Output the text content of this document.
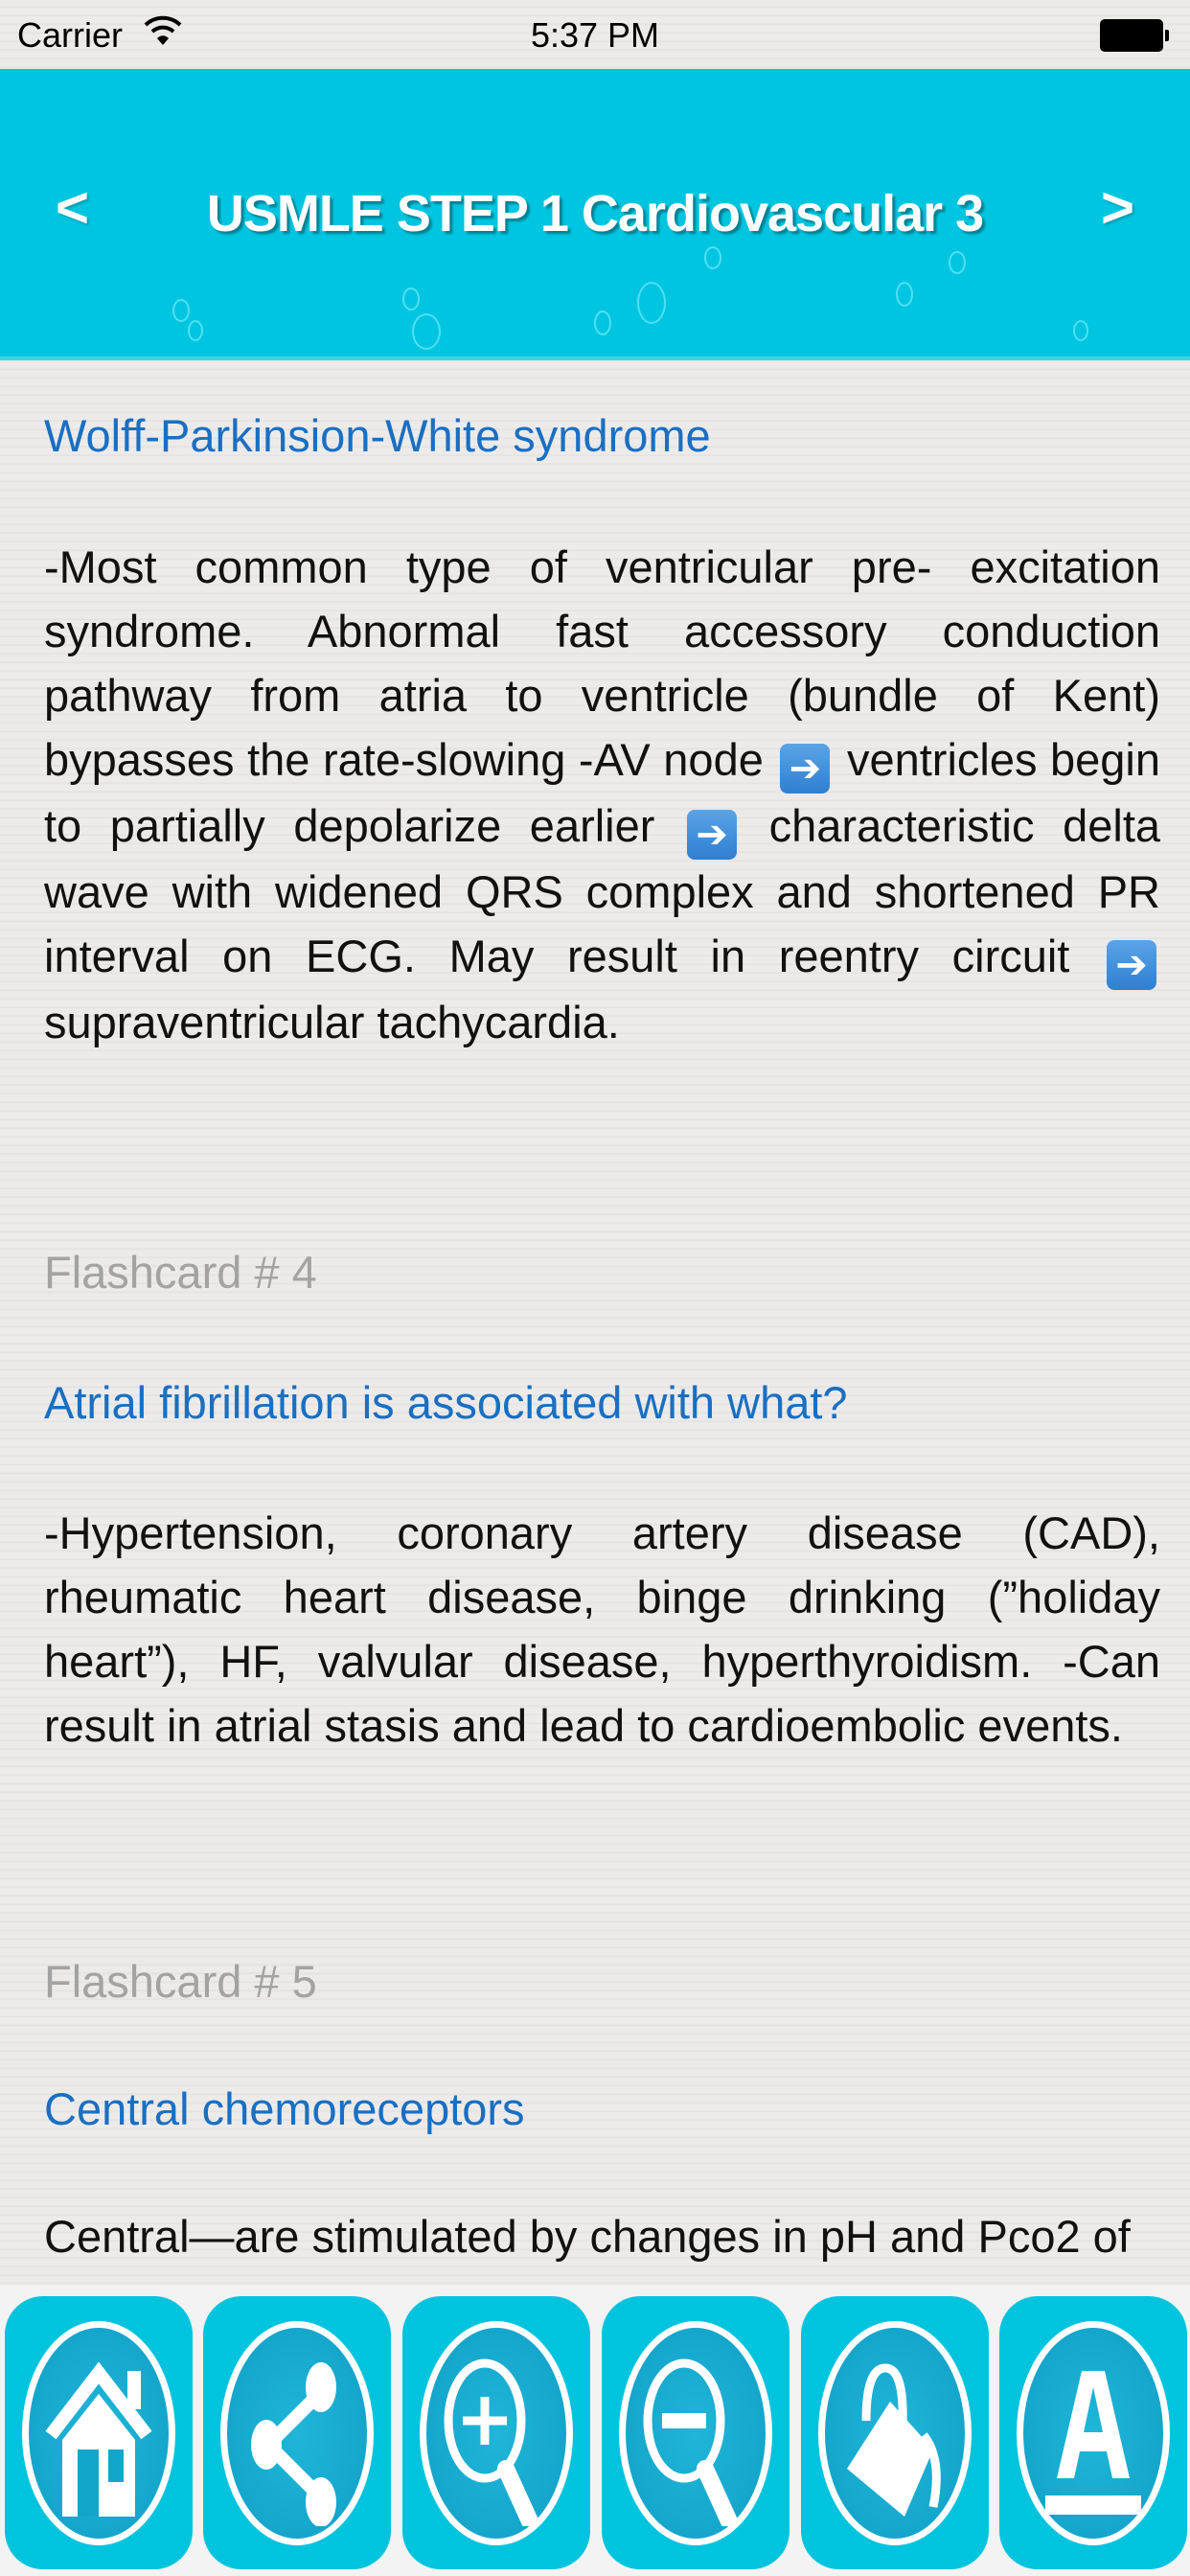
Carrier	5:37 PM
<	USMLE STEP 1 Cardiovascular 3	>
Wolff-Parkinsion-White syndrome
-Most common type of ventricular pre- excitation syndrome. Abnormal fast accessory conduction pathway from atria to ventricle (bundle of Kent) bypasses the rate-slowing -AV node ➔ ventricles begin to partially depolarize earlier ➔ characteristic delta wave with widened QRS complex and shortened PR interval on ECG. May result in reentry circuit ➔ supraventricular tachycardia.
Flashcard # 4
Atrial fibrillation is associated with what?
-Hypertension, coronary artery disease (CAD), rheumatic heart disease, binge drinking (”holiday heart”), HF, valvular disease, hyperthyroidism. -Can result in atrial stasis and lead to cardioembolic events.
Flashcard # 5
Central chemoreceptors
Central—are stimulated by changes in pH and Pco2 of
